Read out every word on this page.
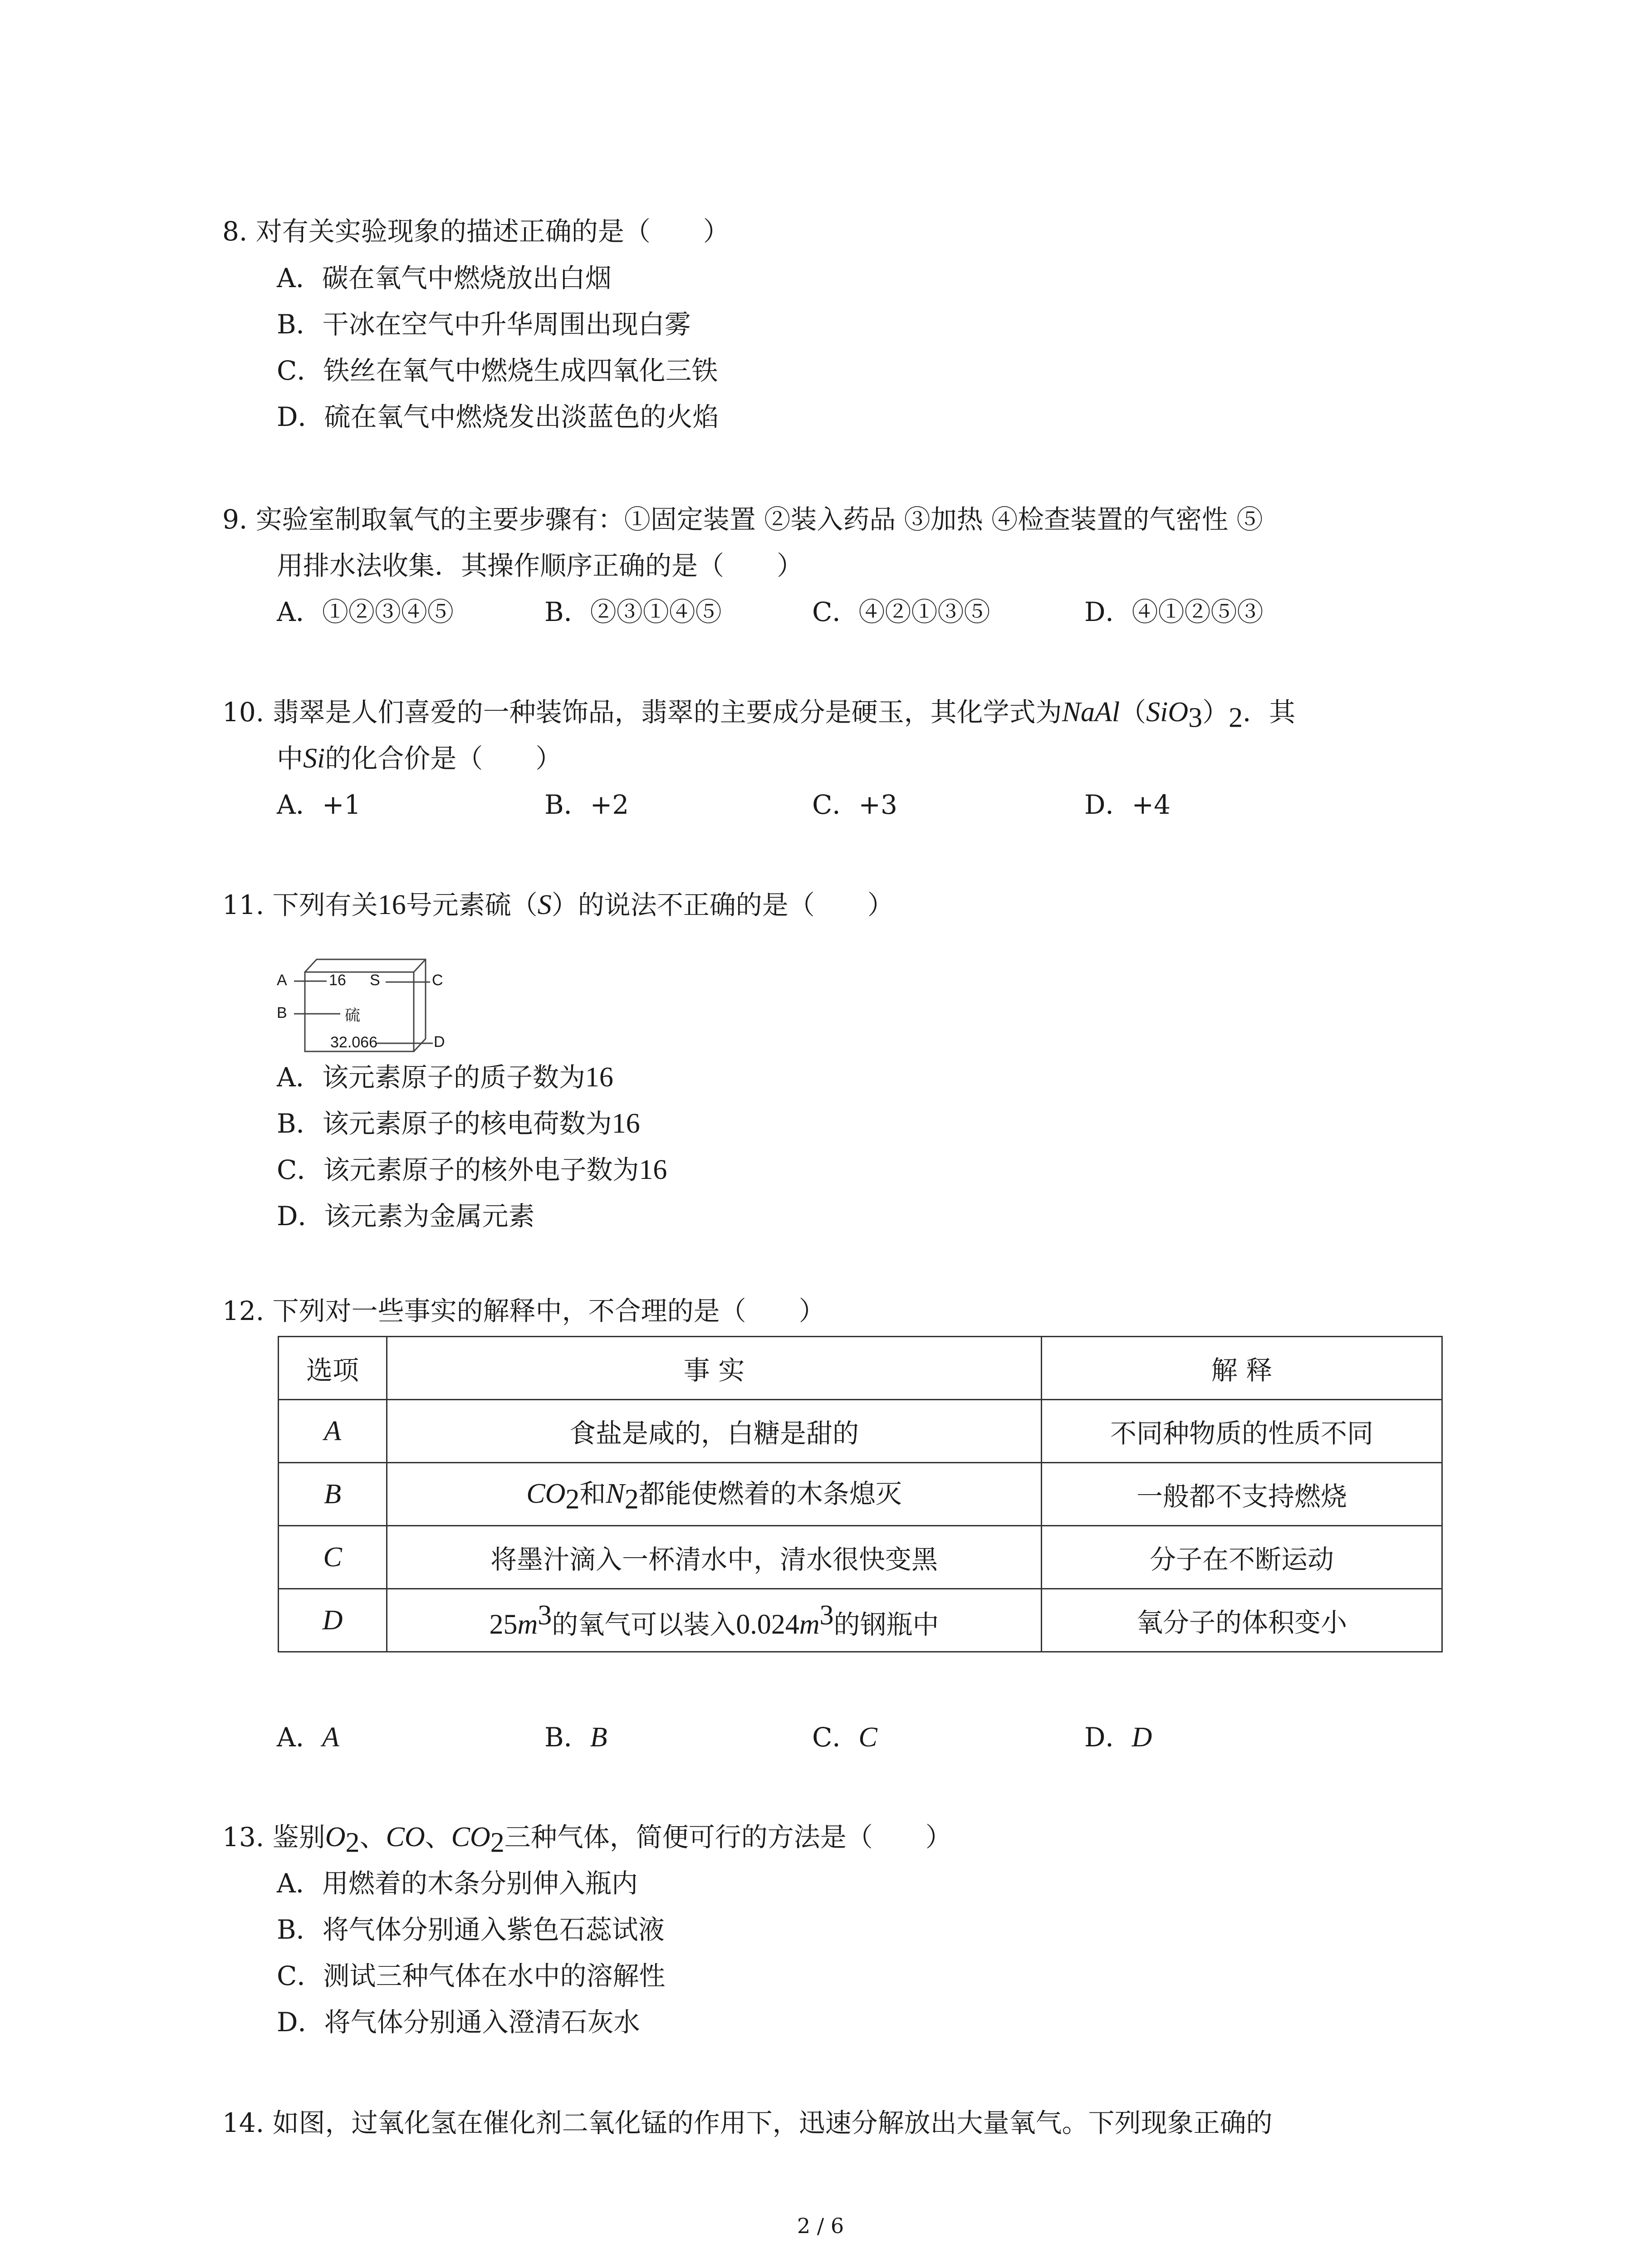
8. 对有关实验现象的描述正确的是（　　）
A．碳在氧气中燃烧放出白烟
B．干冰在空气中升华周围出现白雾
C．铁丝在氧气中燃烧生成四氧化三铁
D．硫在氧气中燃烧发出淡蓝色的火焰
9. 实验室制取氧气的主要步骤有：①固定装置 ②装入药品 ③加热 ④检查装置的气密性 ⑤
用排水法收集．其操作顺序正确的是（　　）
A．①②③④⑤	B．②③①④⑤	C．④②①③⑤	D．④①②⑤③
10. 翡翠是人们喜爱的一种装饰品，翡翠的主要成分是硬玉，其化学式为$NaAl(SiO_3)_2$．其
中Si的化合价是（　　）
A．+1	B．+2	C．+3	D．+4
11. 下列有关16号元素硫（S）的说法不正确的是（　　）
A
B
C
D
16 S
硫
32.066
A．该元素原子的质子数为16
B．该元素原子的核电荷数为16
C．该元素原子的核外电子数为16
D．该元素为金属元素
12. 下列对一些事实的解释中，不合理的是（　　）
选项	事 实	解 释
A	食盐是咸的，白糖是甜的	不同种物质的性质不同
B	$CO_2$和$N_2$都能使燃着的木条熄灭	一般都不支持燃烧
C	将墨汁滴入一杯清水中，清水很快变黑	分子在不断运动
D	$25m^3$的氧气可以装入$0.024m^3$的钢瓶中	氧分子的体积变小
A．A	B．B	C．C	D．D
13. 鉴别$O_2$、CO、$CO_2$三种气体，简便可行的方法是（　　）
A．用燃着的木条分别伸入瓶内
B．将气体分别通入紫色石蕊试液
C．测试三种气体在水中的溶解性
D．将气体分别通入澄清石灰水
14. 如图，过氧化氢在催化剂二氧化锰的作用下，迅速分解放出大量氧气。下列现象正确的
2 / 6
